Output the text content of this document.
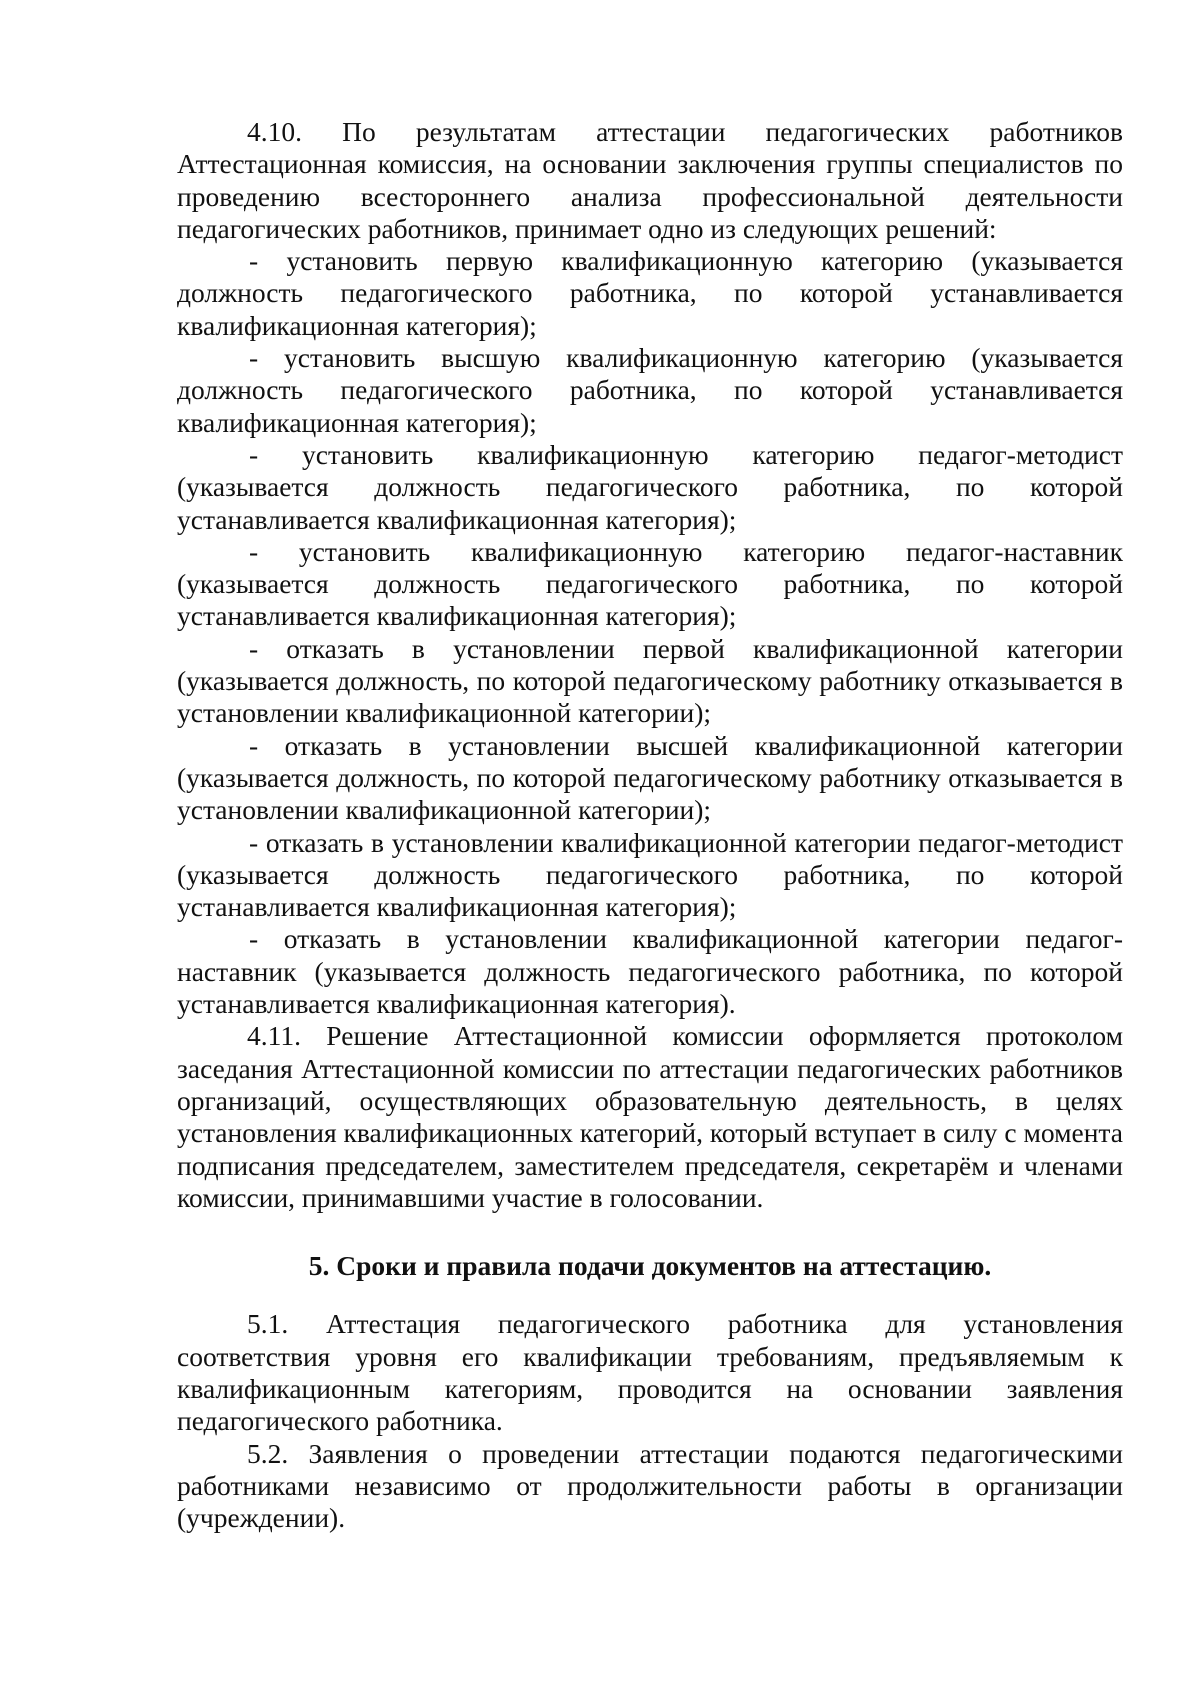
4.10. По результатам аттестации педагогических работников Аттестационная комиссия, на основании заключения группы специалистов по проведению всестороннего анализа профессиональной деятельности педагогических работников, принимает одно из следующих решений:

- установить первую квалификационную категорию (указывается должность педагогического работника, по которой устанавливается квалификационная категория);

- установить высшую квалификационную категорию (указывается должность педагогического работника, по которой устанавливается квалификационная категория);

- установить квалификационную категорию педагог-методист (указывается должность педагогического работника, по которой устанавливается квалификационная категория);

- установить квалификационную категорию педагог-наставник (указывается должность педагогического работника, по которой устанавливается квалификационная категория);

- отказать в установлении первой квалификационной категории (указывается должность, по которой педагогическому работнику отказывается в установлении квалификационной категории);

- отказать в установлении высшей квалификационной категории (указывается должность, по которой педагогическому работнику отказывается в установлении квалификационной категории);

- отказать в установлении квалификационной категории педагог-методист (указывается должность педагогического работника, по которой устанавливается квалификационная категория);

- отказать в установлении квалификационной категории педагог-наставник (указывается должность педагогического работника, по которой устанавливается квалификационная категория).

4.11. Решение Аттестационной комиссии оформляется протоколом заседания Аттестационной комиссии по аттестации педагогических работников организаций, осуществляющих образовательную деятельность, в целях установления квалификационных категорий, который вступает в силу с момента подписания председателем, заместителем председателя, секретарём и членами комиссии, принимавшими участие в голосовании.

5. Сроки и правила подачи документов на аттестацию.

5.1. Аттестация педагогического работника для установления соответствия уровня его квалификации требованиям, предъявляемым к квалификационным категориям, проводится на основании заявления педагогического работника.

5.2. Заявления о проведении аттестации подаются педагогическими работниками независимо от продолжительности работы в организации (учреждении).
